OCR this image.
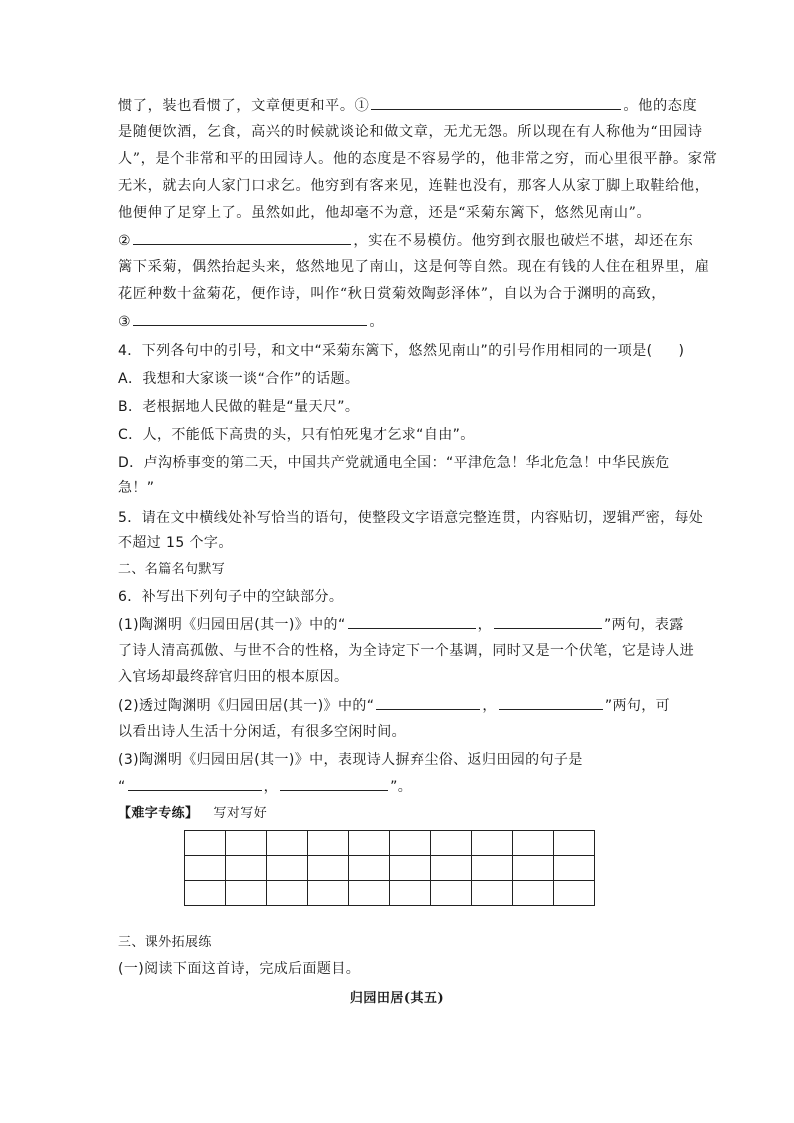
惯了，装也看惯了，文章便更和平。①	。他的态度
是随便饮酒，乞食，高兴的时候就谈论和做文章，无尤无怨。所以现在有人称他为“田园诗
人”，是个非常和平的田园诗人。他的态度是不容易学的，他非常之穷，而心里很平静。家常
无米，就去向人家门口求乞。他穷到有客来见，连鞋也没有，那客人从家丁脚上取鞋给他，
他便伸了足穿上了。虽然如此，他却毫不为意，还是“采菊东篱下，悠然见南山”。
②	，实在不易模仿。他穷到衣服也破烂不堪，却还在东
篱下采菊，偶然抬起头来，悠然地见了南山，这是何等自然。现在有钱的人住在租界里，雇
花匠种数十盆菊花，便作诗，叫作“秋日赏菊效陶彭泽体”，自以为合于渊明的高致，
③	。
4．下列各句中的引号，和文中“采菊东篱下，悠然见南山”的引号作用相同的一项是( )
A．我想和大家谈一谈“合作”的话题。
B．老根据地人民做的鞋是“量天尺”。
C．人，不能低下高贵的头，只有怕死鬼才乞求“自由”。
D．卢沟桥事变的第二天，中国共产党就通电全国：“平津危急！华北危急！中华民族危
急！”
5．请在文中横线处补写恰当的语句，使整段文字语意完整连贯，内容贴切，逻辑严密，每处
不超过 15 个字。
二、名篇名句默写
6．补写出下列句子中的空缺部分。
(1)陶渊明《归园田居(其一)》中的“	，	”两句，表露
了诗人清高孤傲、与世不合的性格，为全诗定下一个基调，同时又是一个伏笔，它是诗人进
入官场却最终辞官归田的根本原因。
(2)透过陶渊明《归园田居(其一)》中的“	，	”两句，可
以看出诗人生活十分闲适，有很多空闲时间。
(3)陶渊明《归园田居(其一)》中，表现诗人摒弃尘俗、返归田园的句子是
“	，	”。
【难字专练】 写对写好

三、课外拓展练
(一)阅读下面这首诗，完成后面题目。
归园田居(其五)
